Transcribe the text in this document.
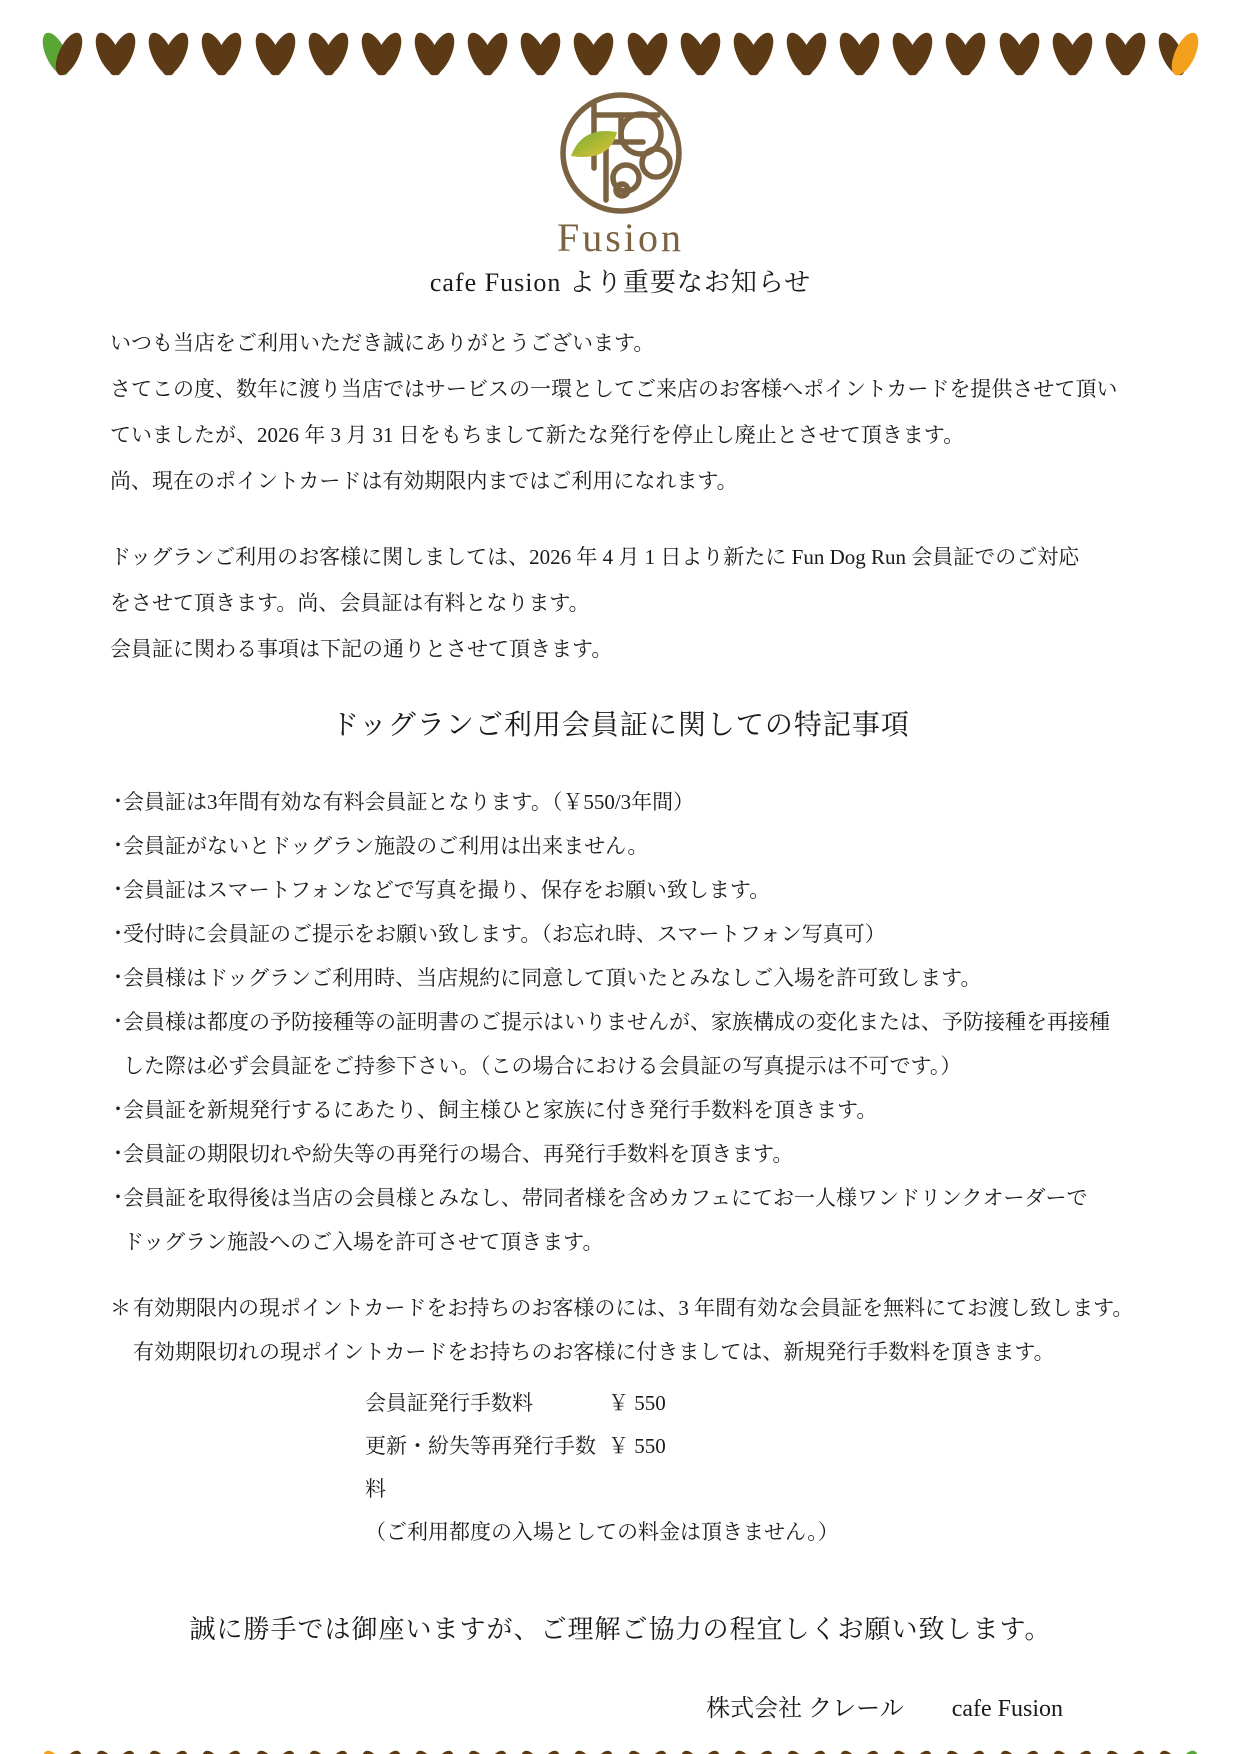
Fusion
cafe Fusion より重要なお知らせ
いつも当店をご利用いただき誠にありがとうございます。
さてこの度、数年に渡り当店ではサービスの一環としてご来店のお客様へポイントカードを提供させて頂い
ていましたが、2026 年 3 月 31 日をもちまして新たな発行を停止し廃止とさせて頂きます。
尚、現在のポイントカードは有効期限内まではご利用になれます。
ドッグランご利用のお客様に関しましては、2026 年 4 月 1 日より新たに Fun Dog Run 会員証でのご対応
をさせて頂きます。尚、会員証は有料となります。
会員証に関わる事項は下記の通りとさせて頂きます。
ドッグランご利用会員証に関しての特記事項
・
会員証は3年間有効な有料会員証となります。（￥550/3年間）
・
会員証がないとドッグラン施設のご利用は出来ません。
・
会員証はスマートフォンなどで写真を撮り、保存をお願い致します。
・
受付時に会員証のご提示をお願い致します。（お忘れ時、スマートフォン写真可）
・
会員様はドッグランご利用時、当店規約に同意して頂いたとみなしご入場を許可致します。
・
会員様は都度の予防接種等の証明書のご提示はいりませんが、家族構成の変化または、予防接種を再接種
した際は必ず会員証をご持参下さい。（この場合における会員証の写真提示は不可です。）
・
会員証を新規発行するにあたり、飼主様ひと家族に付き発行手数料を頂きます。
・
会員証の期限切れや紛失等の再発行の場合、再発行手数料を頂きます。
・
会員証を取得後は当店の会員様とみなし、帯同者様を含めカフェにてお一人様ワンドリンクオーダーで
ドッグラン施設へのご入場を許可させて頂きます。
＊ 有効期限内の現ポイントカードをお持ちのお客様のには、3 年間有効な会員証を無料にてお渡し致します。
有効期限切れの現ポイントカードをお持ちのお客様に付きましては、新規発行手数料を頂きます。
会員証発行手数料	￥ 550
更新・紛失等再発行手数料
￥ 550
（ご利用都度の入場としての料金は頂きません。）
誠に勝手では御座いますが、ご理解ご協力の程宜しくお願い致します。
株式会社 クレール　　cafe Fusion
